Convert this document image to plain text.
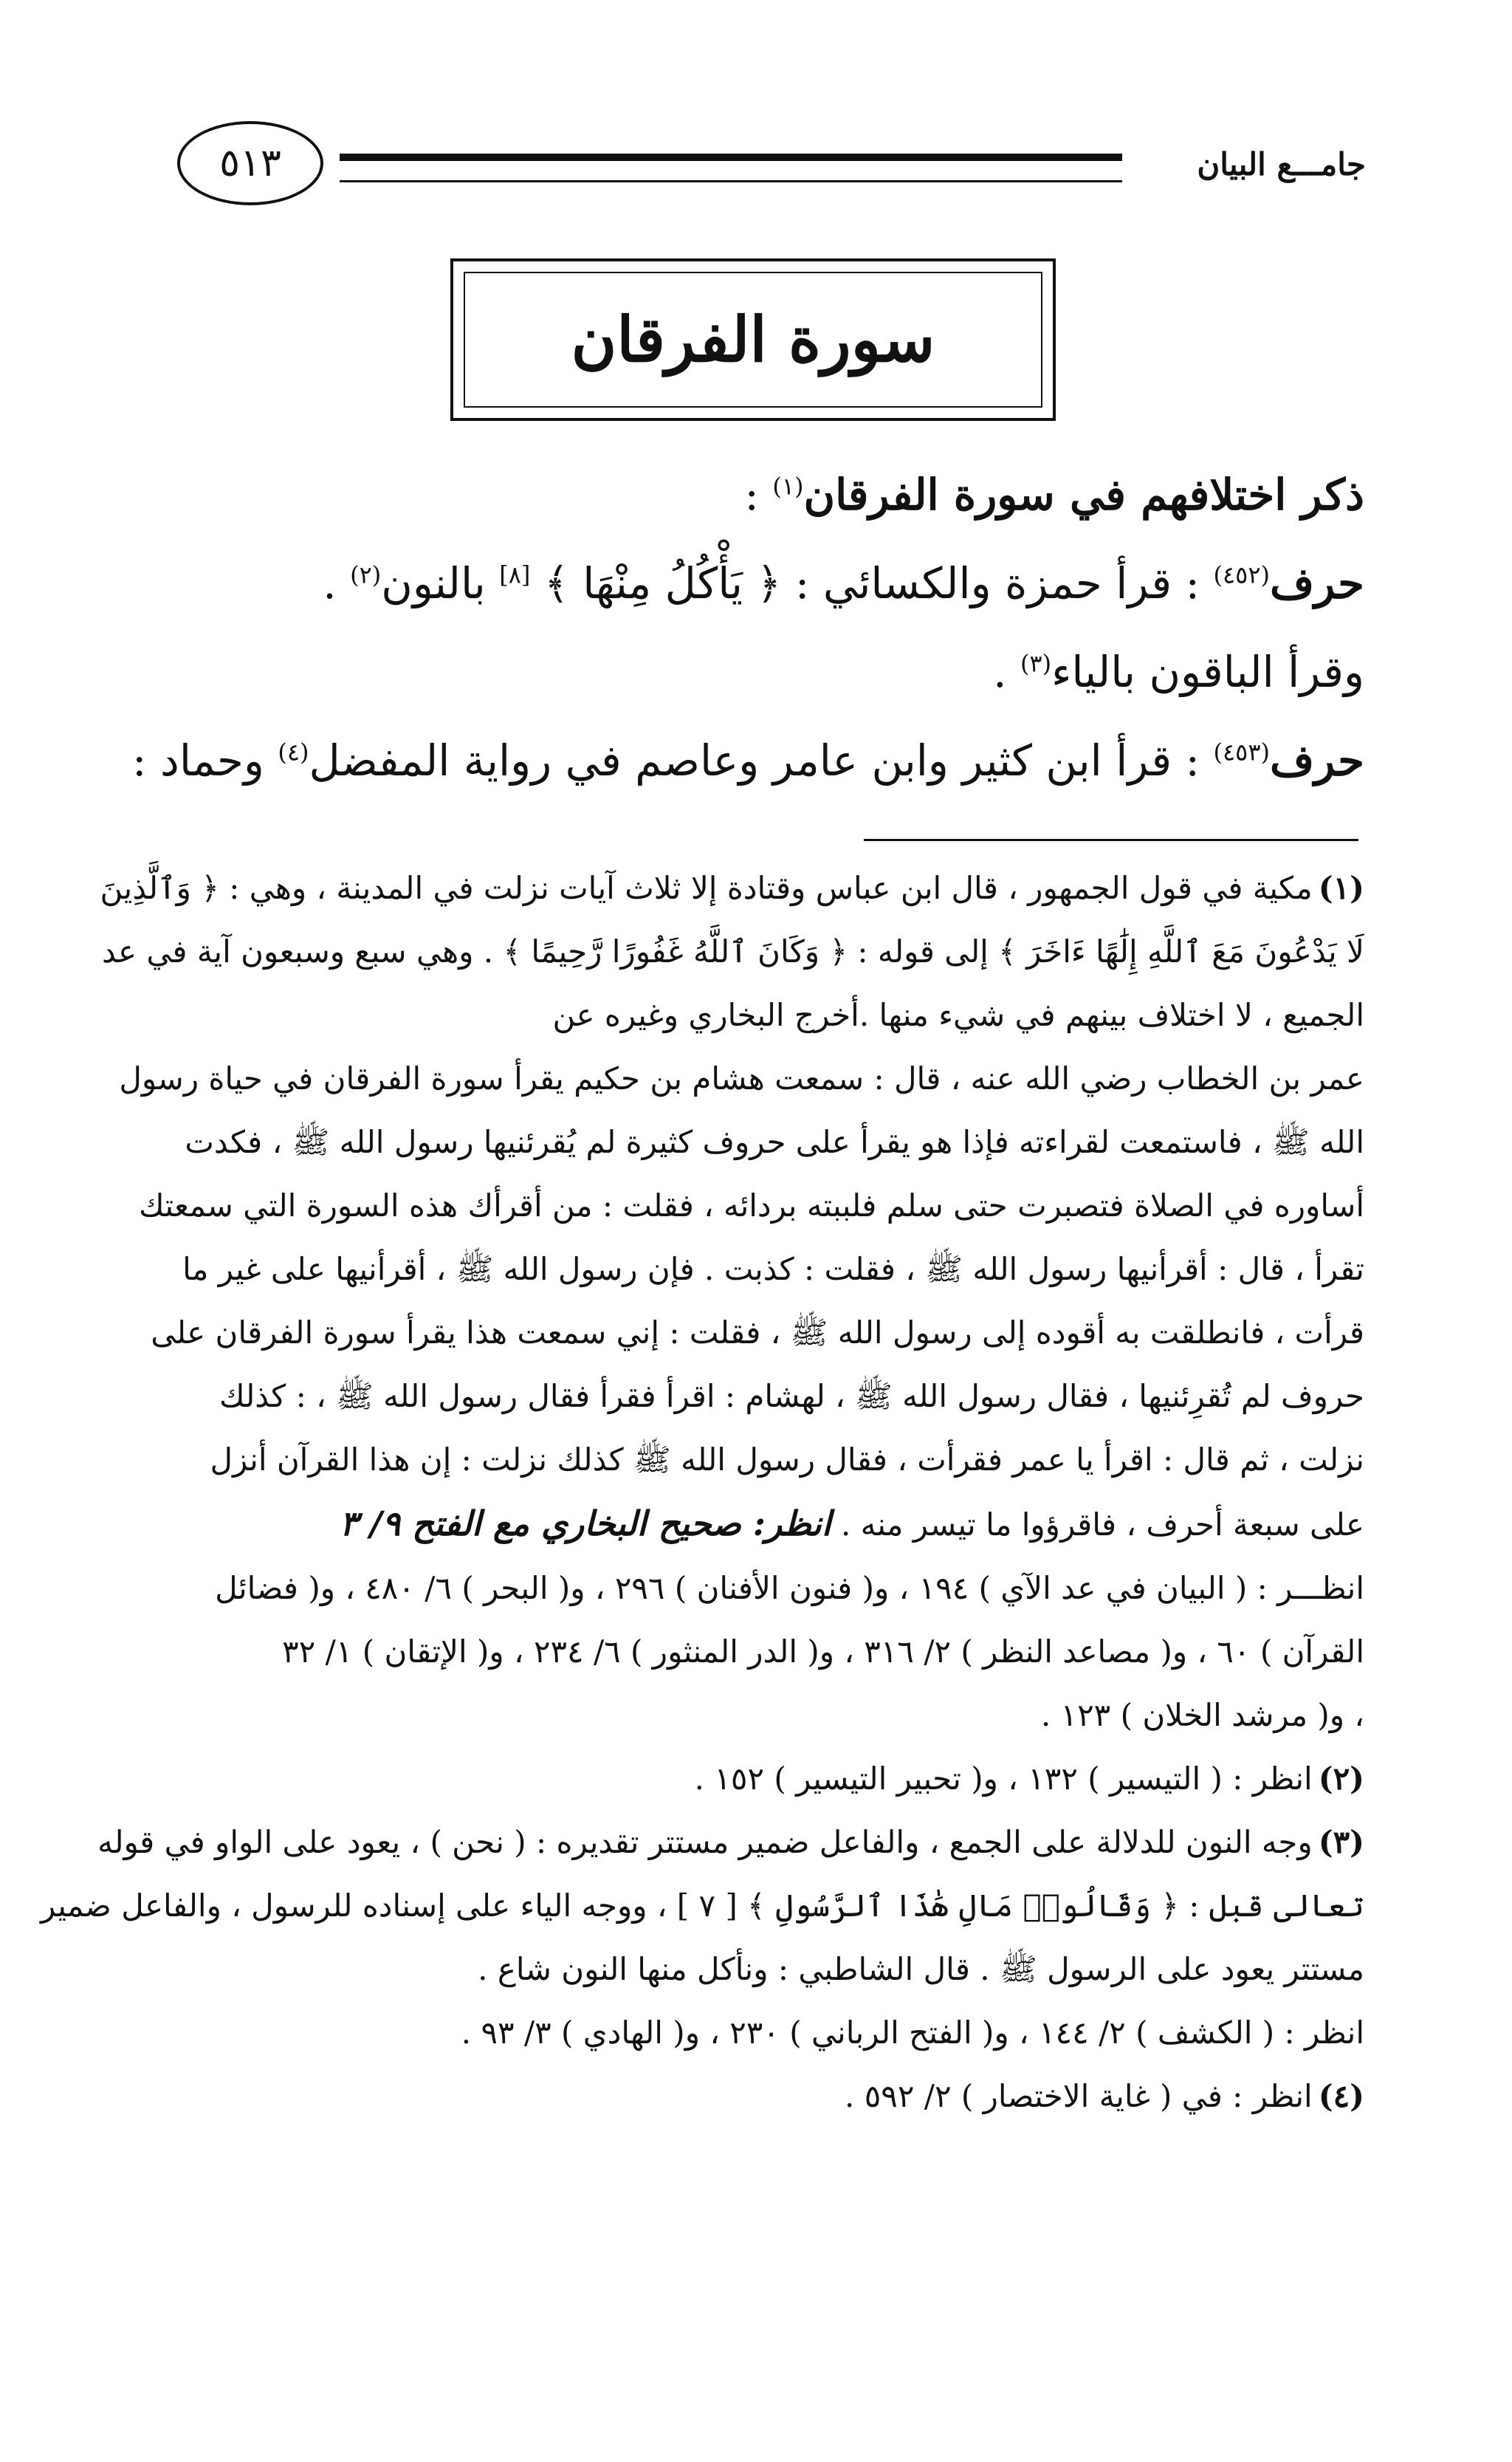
جامـــع البيان
٥١٣
سورة الفرقان
ذكر اختلافهم في سورة الفرقان$^{(١)}$ :
حرف$^{(٤٥٢)}$ : قرأ حمزة والكسائي : ﴿ يَأْكُلُ مِنْهَا ﴾ [٨] بالنون$^{(٢)}$ .
وقرأ الباقون بالياء$^{(٣)}$ .
حرف$^{(٤٥٣)}$ : قرأ ابن كثير وابن عامر وعاصم في رواية المفضل$^{(٤)}$ وحماد :
(١)مكية في قول الجمهور ، قال ابن عباس وقتادة إلا ثلاث آيات نزلت في المدينة ، وهي : ﴿ وَٱلَّذِينَ
لَا يَدْعُونَ مَعَ ٱللَّهِ إِلَٰهًا ءَاخَرَ ﴾ إلى قوله : ﴿ وَكَانَ ٱللَّهُ غَفُورًا رَّحِيمًا ﴾ . وهي سبع وسبعون آية في عد
الجميع ، لا اختلاف بينهم في شيء منها .أخرج البخاري وغيره عن
عمر بن الخطاب رضي الله عنه ، قال : سمعت هشام بن حكيم يقرأ سورة الفرقان في حياة رسول
الله ﷺ ، فاستمعت لقراءته فإذا هو يقرأ على حروف كثيرة لم يُقرئنيها رسول الله ﷺ ، فكدت
أساوره في الصلاة فتصبرت حتى سلم فلببته بردائه ، فقلت : من أقرأك هذه السورة التي سمعتك
تقرأ ، قال : أقرأنيها رسول الله ﷺ ، فقلت : كذبت . فإن رسول الله ﷺ ، أقرأنيها على غير ما
قرأت ، فانطلقت به أقوده إلى رسول الله ﷺ ، فقلت : إني سمعت هذا يقرأ سورة الفرقان على
حروف لم تُقرِئنيها ، فقال رسول الله ﷺ ، لهشام : اقرأ فقرأ فقال رسول الله ﷺ ، : كذلك
نزلت ، ثم قال : اقرأ يا عمر فقرأت ، فقال رسول الله ﷺ كذلك نزلت : إن هذا القرآن أنزل
على سبعة أحرف ، فاقرؤوا ما تيسر منه . انظر: صحيح البخاري مع الفتح ٩/ ٣
انظـــر : ( البيان في عد الآي ) ١٩٤ ، و( فنون الأفنان ) ٢٩٦ ، و( البحر ) ٦/ ٤٨٠ ، و( فضائل
القرآن ) ٦٠ ، و( مصاعد النظر ) ٢/ ٣١٦ ، و( الدر المنثور ) ٦/ ٢٣٤ ، و( الإتقان ) ١/ ٣٢
، و( مرشد الخلان ) ١٢٣ .
(٢)انظر : ( التيسير ) ١٣٢ ، و( تحبير التيسير ) ١٥٢ .
(٣)وجه النون للدلالة على الجمع ، والفاعل ضمير مستتر تقديره : ( نحن ) ، يعود على الواو في قوله
تعالى قبل : ﴿ وَقَالُوا۟ مَالِ هَٰذَا ٱلرَّسُولِ ﴾ [ ٧ ] ، ووجه الياء على إسناده للرسول ، والفاعل ضمير
مستتر يعود على الرسول ﷺ . قال الشاطبي : ونأكل منها النون شاع .
انظر : ( الكشف ) ٢/ ١٤٤ ، و( الفتح الرباني ) ٢٣٠ ، و( الهادي ) ٣/ ٩٣ .
(٤)انظر : في ( غاية الاختصار ) ٢/ ٥٩٢ .
